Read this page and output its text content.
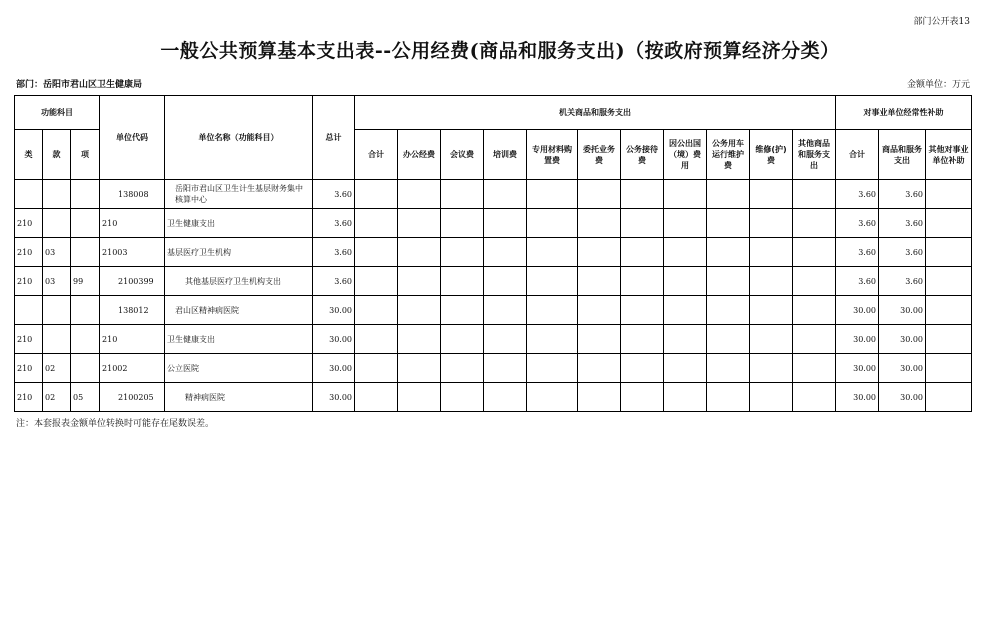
部门公开表13
一般公共预算基本支出表--公用经费(商品和服务支出)（按政府预算经济分类）
部门：岳阳市君山区卫生健康局	金额单位：万元
功能科目			单位代码	单位名称（功能科目）	总计	机关商品和服务支出											对事业单位经常性补助		
类	款	项				合计	办公经费	会议费	培训费	专用材料购置费	委托业务费	公务接待费	因公出国（境）费用	公务用车运行维护费	维修(护)费	其他商品和服务支出	合计	商品和服务支出	其他对事业单位补助
			138008	岳阳市君山区卫生计生基层财务集中核算中心	3.60												3.60	3.60	
210			210	卫生健康支出	3.60												3.60	3.60	
210	03		21003	基层医疗卫生机构	3.60												3.60	3.60	
210	03	99	2100399	其他基层医疗卫生机构支出	3.60												3.60	3.60	
			138012	君山区精神病医院	30.00												30.00	30.00	
210			210	卫生健康支出	30.00												30.00	30.00	
210	02		21002	公立医院	30.00												30.00	30.00	
210	02	05	2100205	精神病医院	30.00												30.00	30.00	
注：本套报表金额单位转换时可能存在尾数误差。
